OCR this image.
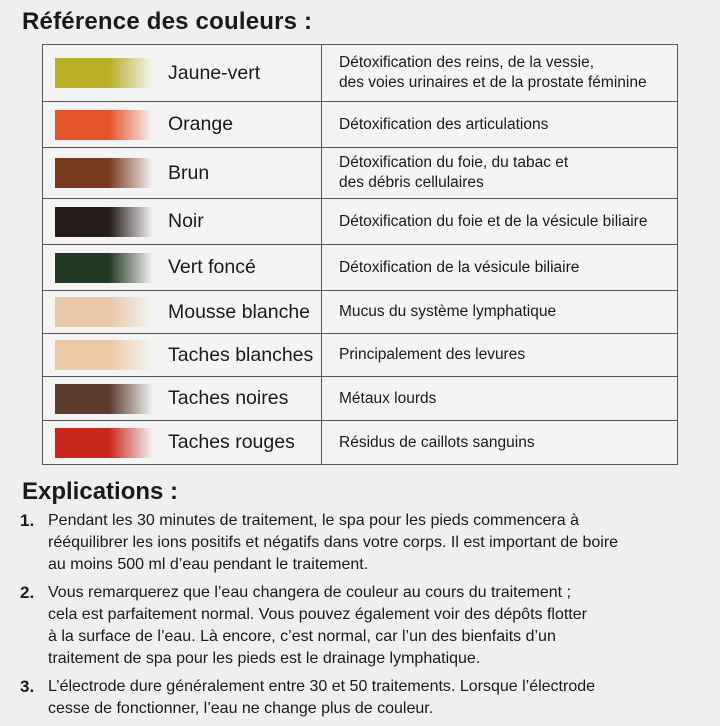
Référence des couleurs :
Jaune-vert	Détoxification des reins, de la vessie,
des voies urinaires et de la prostate féminine

Orange	Détoxification des articulations

Brun	Détoxification du foie, du tabac et
des débris cellulaires

Noir	Détoxification du foie et de la vésicule biliaire

Vert foncé	Détoxification de la vésicule biliaire

Mousse blanche	Mucus du système lymphatique

Taches blanches	Principalement des levures

Taches noires	Métaux lourds

Taches rouges	Résidus de caillots sanguins
Explications :
1. Pendant les 30 minutes de traitement, le spa pour les pieds commencera à
rééquilibrer les ions positifs et négatifs dans votre corps. Il est important de boire
au moins 500 ml d’eau pendant le traitement.
2. Vous remarquerez que l’eau changera de couleur au cours du traitement ;
cela est parfaitement normal. Vous pouvez également voir des dépôts flotter
à la surface de l’eau. Là encore, c’est normal, car l’un des bienfaits d’un
traitement de spa pour les pieds est le drainage lymphatique.
3. L’électrode dure généralement entre 30 et 50 traitements. Lorsque l’électrode
cesse de fonctionner, l’eau ne change plus de couleur.
